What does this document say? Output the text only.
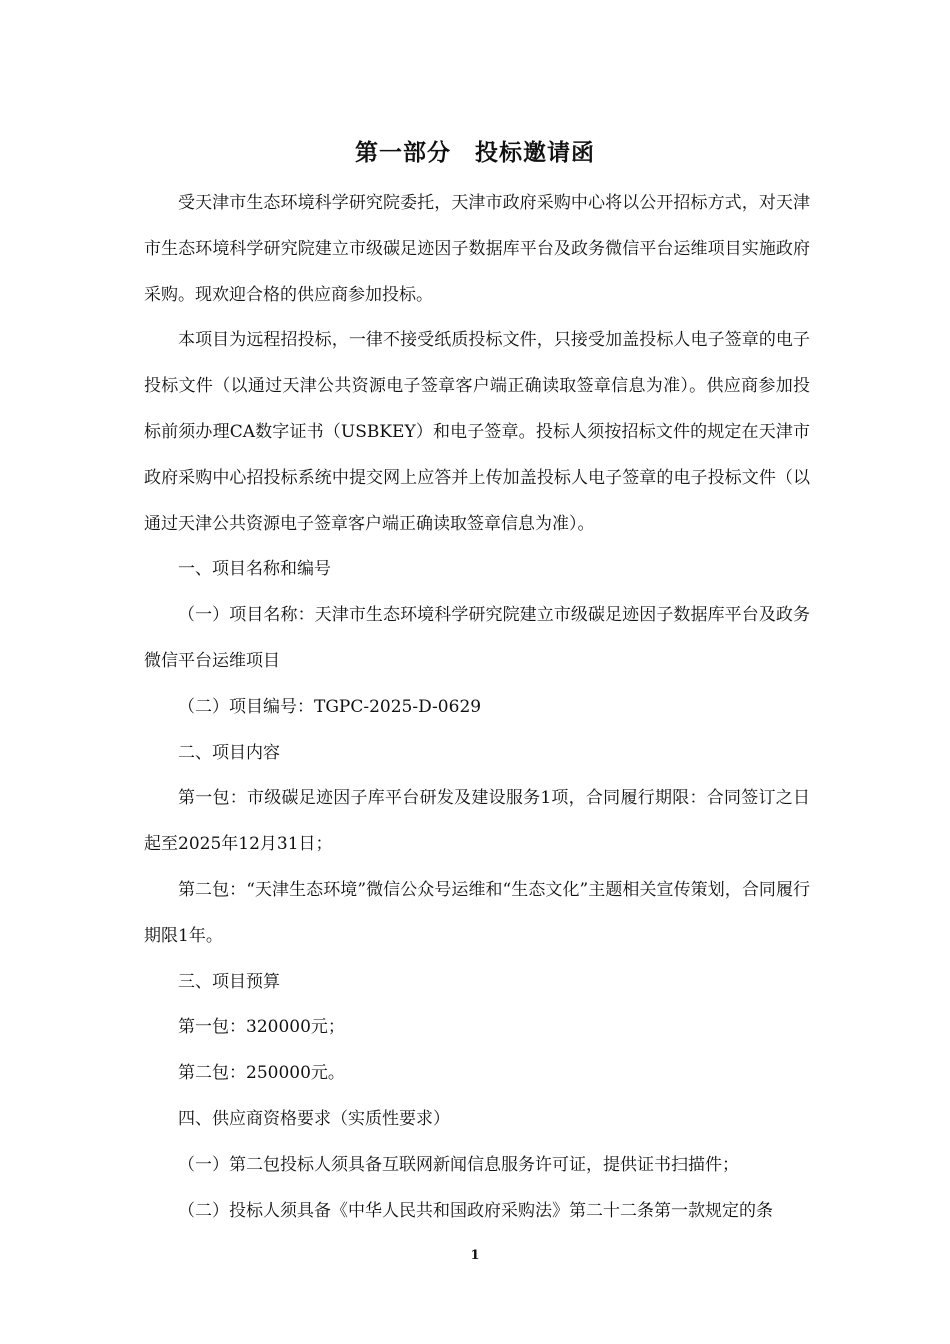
第一部分　投标邀请函

受天津市生态环境科学研究院委托，天津市政府采购中心将以公开招标方式，对天津市生态环境科学研究院建立市级碳足迹因子数据库平台及政务微信平台运维项目实施政府采购。现欢迎合格的供应商参加投标。

本项目为远程招投标，一律不接受纸质投标文件，只接受加盖投标人电子签章的电子投标文件（以通过天津公共资源电子签章客户端正确读取签章信息为准）。供应商参加投标前须办理CA数字证书（USBKEY）和电子签章。投标人须按招标文件的规定在天津市政府采购中心招投标系统中提交网上应答并上传加盖投标人电子签章的电子投标文件（以通过天津公共资源电子签章客户端正确读取签章信息为准）。

一、项目名称和编号

（一）项目名称：天津市生态环境科学研究院建立市级碳足迹因子数据库平台及政务微信平台运维项目

（二）项目编号：TGPC-2025-D-0629

二、项目内容

第一包：市级碳足迹因子库平台研发及建设服务1项，合同履行期限：合同签订之日起至2025年12月31日；

第二包：“天津生态环境”微信公众号运维和“生态文化”主题相关宣传策划，合同履行期限1年。

三、项目预算

第一包：320000元；

第二包：250000元。

四、供应商资格要求（实质性要求）

（一）第二包投标人须具备互联网新闻信息服务许可证，提供证书扫描件；

（二）投标人须具备《中华人民共和国政府采购法》第二十二条第一款规定的条

1
